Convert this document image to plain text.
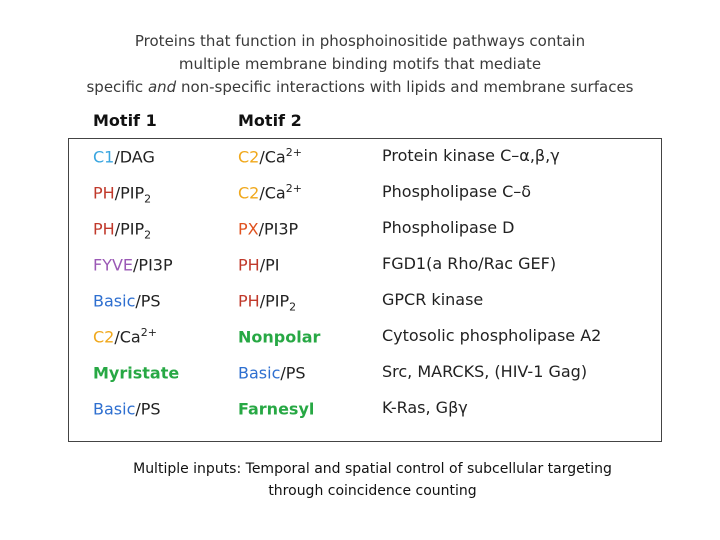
Proteins that function in phosphoinositide pathways contain
multiple membrane binding motifs that mediate
specific and non-specific interactions with lipids and membrane surfaces
Motif 1	Motif 2
C1/DAG	$C2/Ca^{2+}$	Protein kinase C–α,β,γ
$PH/PIP_2$	$C2/Ca^{2+}$	Phospholipase C–δ
$PH/PIP_2$	PX/PI3P	Phospholipase D
FYVE/PI3P	PH/PI	FGD1(a Rho/Rac GEF)
Basic/PS	$PH/PIP_2$	GPCR kinase
$C2/Ca^{2+}$	Nonpolar	Cytosolic phospholipase A2
Myristate	Basic/PS	Src, MARCKS, (HIV-1 Gag)
Basic/PS	Farnesyl	K-Ras, Gβγ
Multiple inputs: Temporal and spatial control of subcellular targeting
through coincidence counting
